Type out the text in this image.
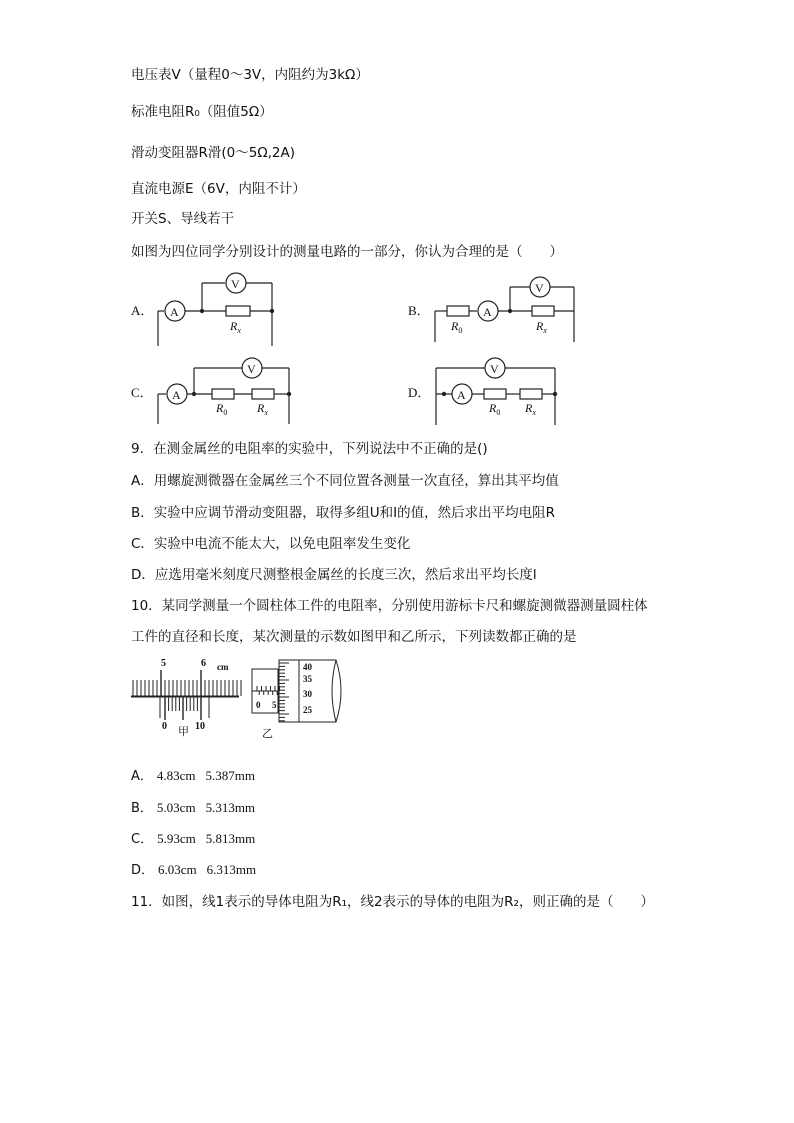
电压表V（量程0～3V，内阻约为3kΩ）
标准电阻R₀（阻值5Ω）
滑动变阻器R滑(0～5Ω,2A)
直流电源E（6V，内阻不计）
开关S、导线若干
如图为四位同学分别设计的测量电路的一部分，你认为合理的是（　　）
A． A
V
$R_x$
B．	A
V
$R_0$	$R_x$
C． A
V
$R_0$ $R_x$
D．
V
A
$R_0$ $R_x$
9．在测金属丝的电阻率的实验中，下列说法中不正确的是()
A．用螺旋测微器在金属丝三个不同位置各测量一次直径，算出其平均值
B．实验中应调节滑动变阻器，取得多组U和I的值，然后求出平均电阻R
C．实验中电流不能太大，以免电阻率发生变化
D．应选用毫米刻度尺测整根金属丝的长度三次，然后求出平均长度l
10．某同学测量一个圆柱体工件的电阻率，分别使用游标卡尺和螺旋测微器测量圆柱体
工件的直径和长度，某次测量的示数如图甲和乙所示，下列读数都正确的是
5	6 cm
0	10
甲
40
35
30
25
0 5
乙
A． 4.83cm 5.387mm
B． 5.03cm 5.313mm
C． 5.93cm 5.813mm
D． 6.03cm 6.313mm
11．如图，线1表示的导体电阻为R₁，线2表示的导体的电阻为R₂，则正确的是（　　）
